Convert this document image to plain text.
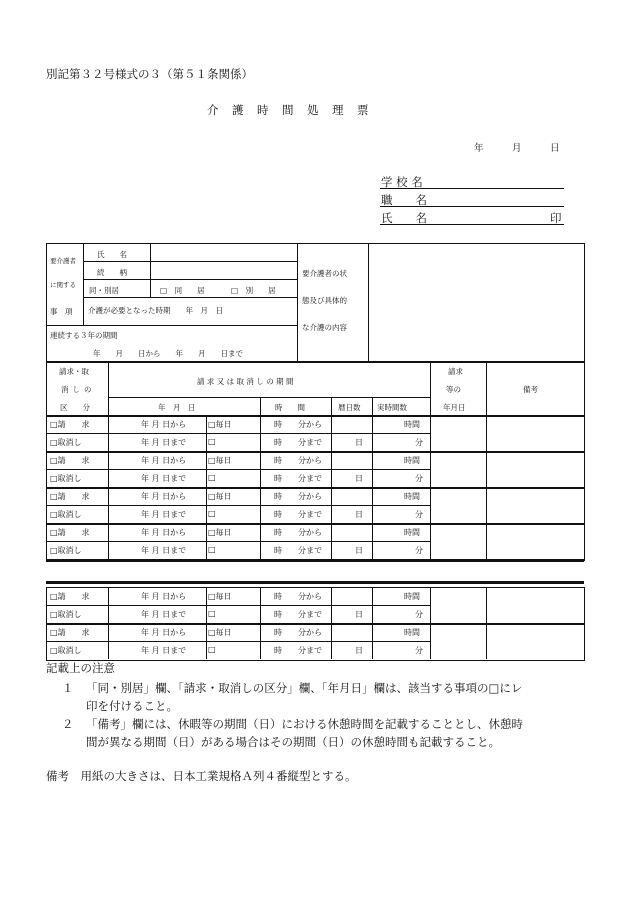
別記第３２号様式の３（第５１条関係）
介　護　時　間　処　理　票
年　　　月　　　日
学 校 名
職　　名
氏　　名	印
要介護者
に関する
事　項
氏　　名
続　　柄
同・別居	□　同　　居	□　別　　居
介護が必要となった時期　　年　月　日
要介護者の状
態及び具体的
な介護の内容
連続する３年の期間
年　　月　　日から　　年　　月　　日まで
請求・取
消しの
区　　分
請 求 又 は 取 消 し の 期 間
年　月　日	時　　間	暦日数 実時間数
請求
等の
年月日
備考
□請　　求	年 月 日から	□毎日	時　　分から	時間
□取消し	年 月 日まで	□	時　　分まで	日	分
□請　　求	年 月 日から	□毎日	時　　分から	時間
□取消し	年 月 日まで	□	時　　分まで	日	分
□請　　求	年 月 日から	□毎日	時　　分から	時間
□取消し	年 月 日まで	□	時　　分まで	日	分
□請　　求	年 月 日から	□毎日	時　　分から	時間
□取消し	年 月 日まで	□	時　　分まで	日	分
□請　　求	年 月 日から	□毎日	時　　分から	時間
□取消し	年 月 日まで	□	時　　分まで	日	分
□請　　求	年 月 日から	□毎日	時　　分から	時間
□取消し	年 月 日まで	□	時　　分まで	日	分
記載上の注意
１ 「同・別居」欄、「請求・取消しの区分」欄、「年月日」欄は、該当する事項の□にレ
印を付けること。
２ 「備考」欄には、休暇等の期間（日）における休憩時間を記載することとし、休憩時
間が異なる期間（日）がある場合はその期間（日）の休憩時間も記載すること。
備考　用紙の大きさは、日本工業規格Ａ列４番縦型とする。
